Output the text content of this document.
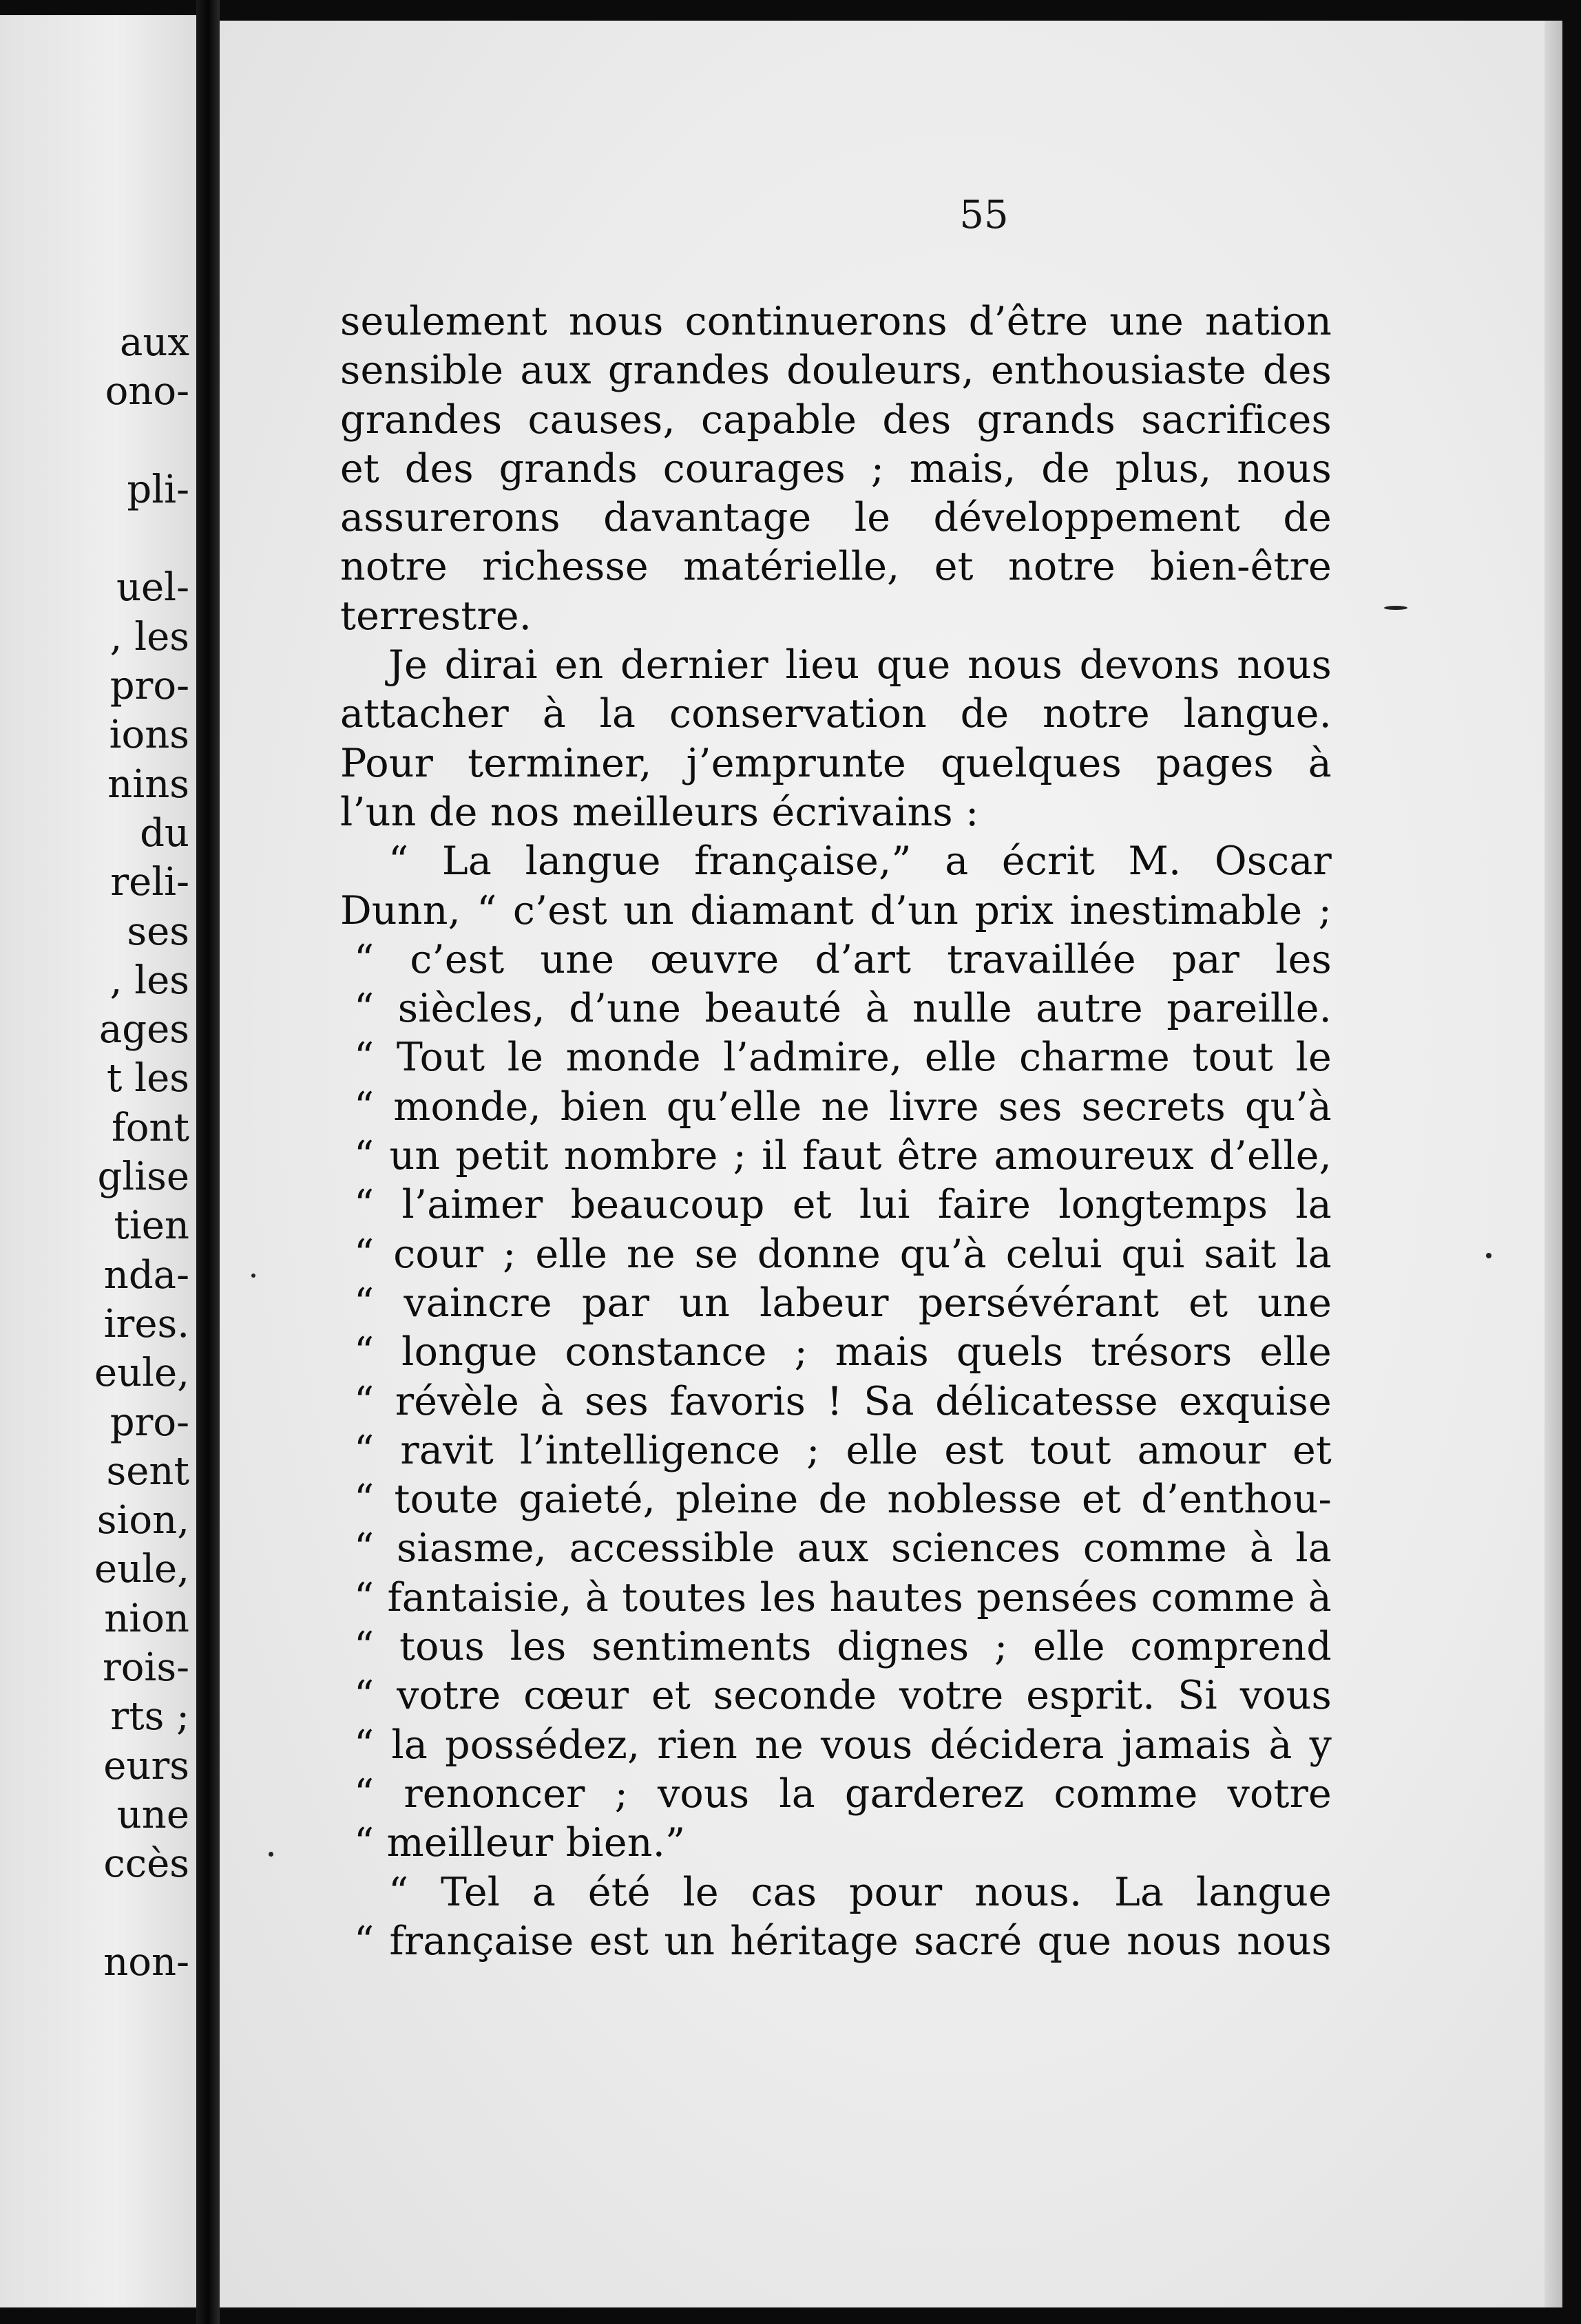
aux
ono-
pli-
uel-
, les
pro-
ions
nins
du
reli-
ses
, les
ages
t les
font
glise
tien
nda-
ires.
eule,
pro-
sent
sion,
eule,
nion
rois-
rts ;
eurs
une
ccès
non-
55
seulement nous continuerons d’être une nation
sensible aux grandes douleurs, enthousiaste des
grandes causes, capable des grands sacrifices
et des grands courages ; mais, de plus, nous
assurerons davantage le développement de
notre richesse matérielle, et notre bien-être
terrestre.
Je dirai en dernier lieu que nous devons nous
attacher à la conservation de notre langue.
Pour terminer, j’emprunte quelques pages à
l’un de nos meilleurs écrivains :
“ La langue française,” a écrit M. Oscar
Dunn, “ c’est un diamant d’un prix inestimable ;
“ c’est une œuvre d’art travaillée par les
“ siècles, d’une beauté à nulle autre pareille.
“ Tout le monde l’admire, elle charme tout le
“ monde, bien qu’elle ne livre ses secrets qu’à
“ un petit nombre ; il faut être amoureux d’elle,
“ l’aimer beaucoup et lui faire longtemps la
“ cour ; elle ne se donne qu’à celui qui sait la
“ vaincre par un labeur persévérant et une
“ longue constance ; mais quels trésors elle
“ révèle à ses favoris ! Sa délicatesse exquise
“ ravit l’intelligence ; elle est tout amour et
“ toute gaieté, pleine de noblesse et d’enthou-
“ siasme, accessible aux sciences comme à la
“ fantaisie, à toutes les hautes pensées comme à
“ tous les sentiments dignes ; elle comprend
“ votre cœur et seconde votre esprit. Si vous
“ la possédez, rien ne vous décidera jamais à y
“ renoncer ; vous la garderez comme votre
“ meilleur bien.”
“ Tel a été le cas pour nous. La langue
“ française est un héritage sacré que nous nous
